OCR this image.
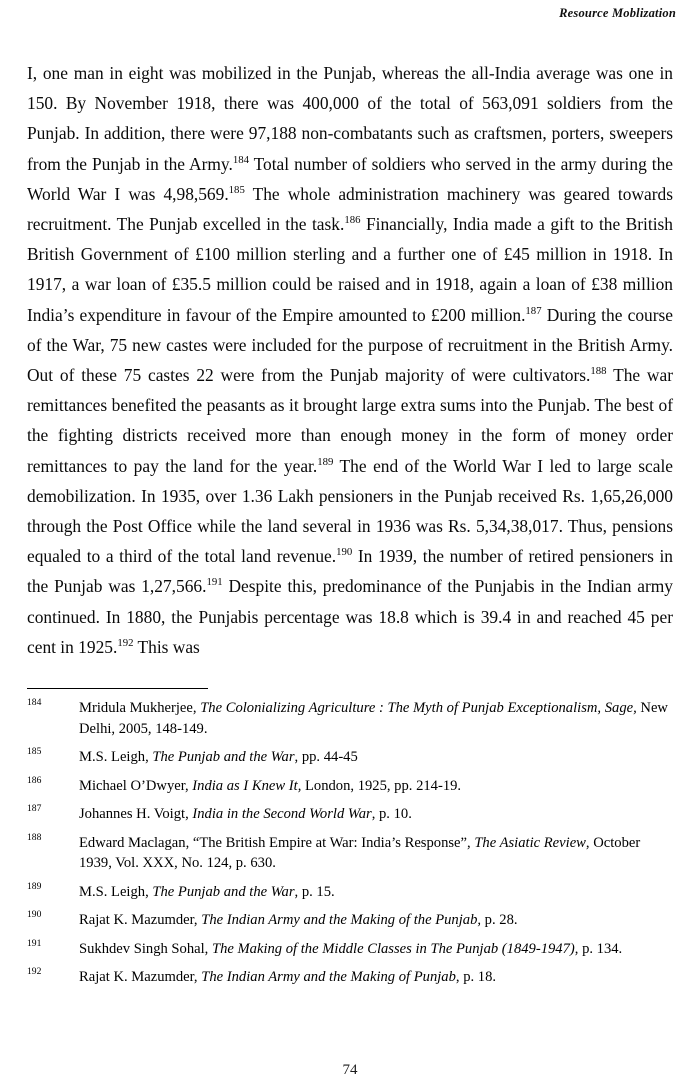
Resource Moblization

I, one man in eight was mobilized in the Punjab, whereas the all-India average was one in 150. By November 1918, there was 400,000 of the total of 563,091 soldiers from the Punjab. In addition, there were 97,188 non-combatants such as craftsmen, porters, sweepers from the Punjab in the Army.$^{184}$ Total number of soldiers who served in the army during the World War I was 4,98,569.$^{185}$ The whole administration machinery was geared towards recruitment. The Punjab excelled in the task.$^{186}$ Financially, India made a gift to the British British Government of £100 million sterling and a further one of £45 million in 1918. In 1917, a war loan of £35.5 million could be raised and in 1918, again a loan of £38 million India’s expenditure in favour of the Empire amounted to £200 million.$^{187}$ During the course of the War, 75 new castes were included for the purpose of recruitment in the British Army. Out of these 75 castes 22 were from the Punjab majority of were cultivators.$^{188}$ The war remittances benefited the peasants as it brought large extra sums into the Punjab. The best of the fighting districts received more than enough money in the form of money order remittances to pay the land for the year.$^{189}$ The end of the World War I led to large scale demobilization. In 1935, over 1.36 Lakh pensioners in the Punjab received Rs. 1,65,26,000 through the Post Office while the land several in 1936 was Rs. 5,34,38,017. Thus, pensions equaled to a third of the total land revenue.$^{190}$ In 1939, the number of retired pensioners in the Punjab was 1,27,566.$^{191}$ Despite this, predominance of the Punjabis in the Indian army continued. In 1880, the Punjabis percentage was 18.8 which is 39.4 in and reached 45 per cent in 1925.$^{192}$ This was

184	Mridula Mukherjee, The Colonializing Agriculture : The Myth of Punjab Exceptionalism, Sage, New Delhi, 2005, 148-149.
185	M.S. Leigh, The Punjab and the War, pp. 44-45
186	Michael O’Dwyer, India as I Knew It, London, 1925, pp. 214-19.
187	Johannes H. Voigt, India in the Second World War, p. 10.
188	Edward Maclagan, “The British Empire at War: India’s Response”, The Asiatic Review, October 1939, Vol. XXX, No. 124, p. 630.
189	M.S. Leigh, The Punjab and the War, p. 15.
190	Rajat K. Mazumder, The Indian Army and the Making of the Punjab, p. 28.
191	Sukhdev Singh Sohal, The Making of the Middle Classes in The Punjab (1849-1947), p. 134.
192	Rajat K. Mazumder, The Indian Army and the Making of Punjab, p. 18.
74
